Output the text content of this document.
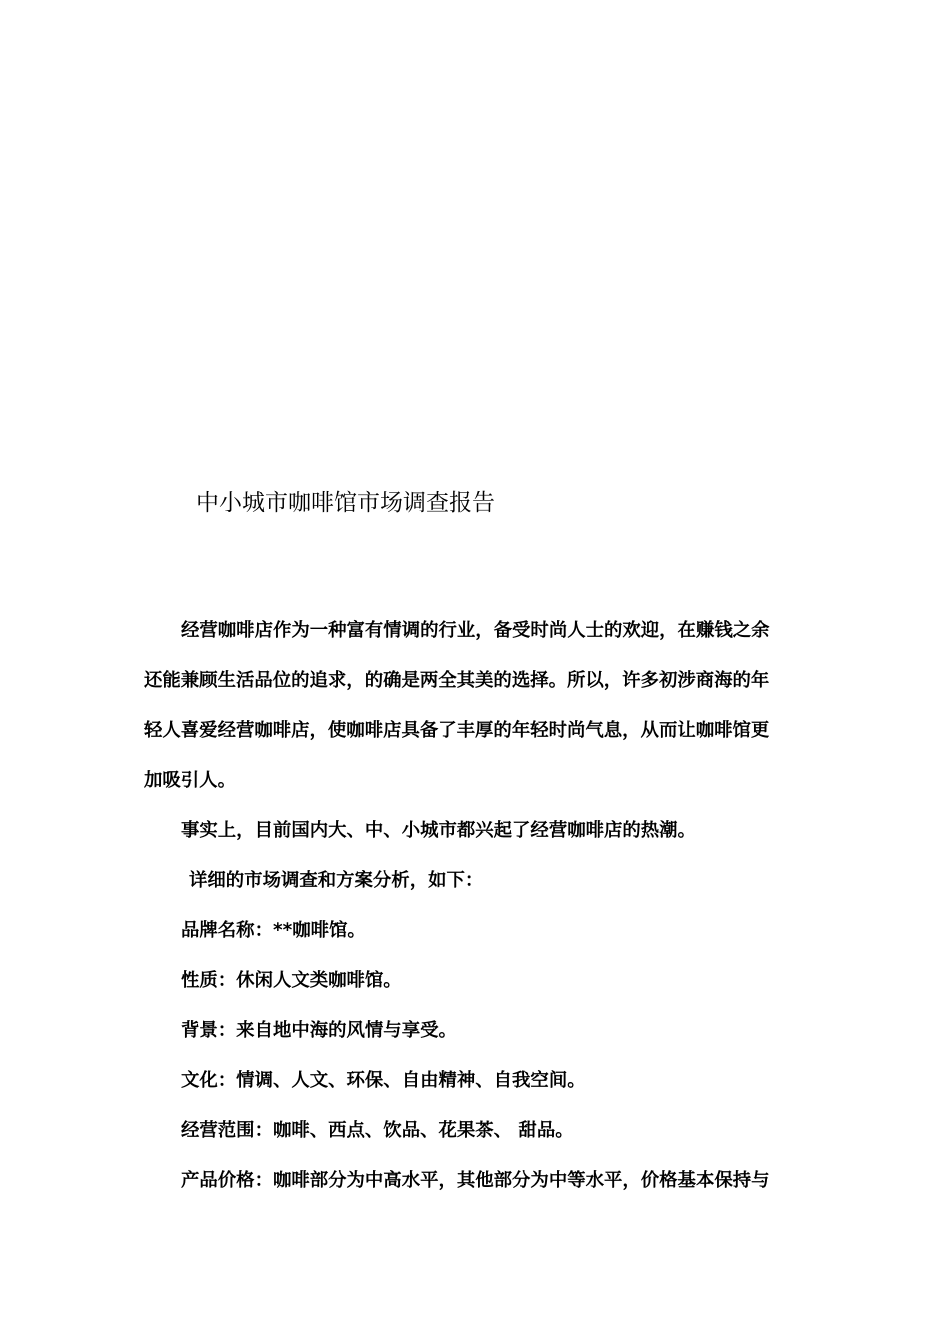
中小城市咖啡馆市场调查报告

经营咖啡店作为一种富有情调的行业，备受时尚人士的欢迎，在赚钱之余

还能兼顾生活品位的追求，的确是两全其美的选择。所以，许多初涉商海的年

轻人喜爱经营咖啡店，使咖啡店具备了丰厚的年轻时尚气息，从而让咖啡馆更

加吸引人。

事实上，目前国内大、中、小城市都兴起了经营咖啡店的热潮。

详细的市场调查和方案分析，如下：

品牌名称：**咖啡馆。

性质：休闲人文类咖啡馆。

背景：来自地中海的风情与享受。

文化：情调、人文、环保、自由精神、自我空间。

经营范围：咖啡、西点、饮品、花果茶、 甜品。

产品价格：咖啡部分为中高水平，其他部分为中等水平，价格基本保持与
